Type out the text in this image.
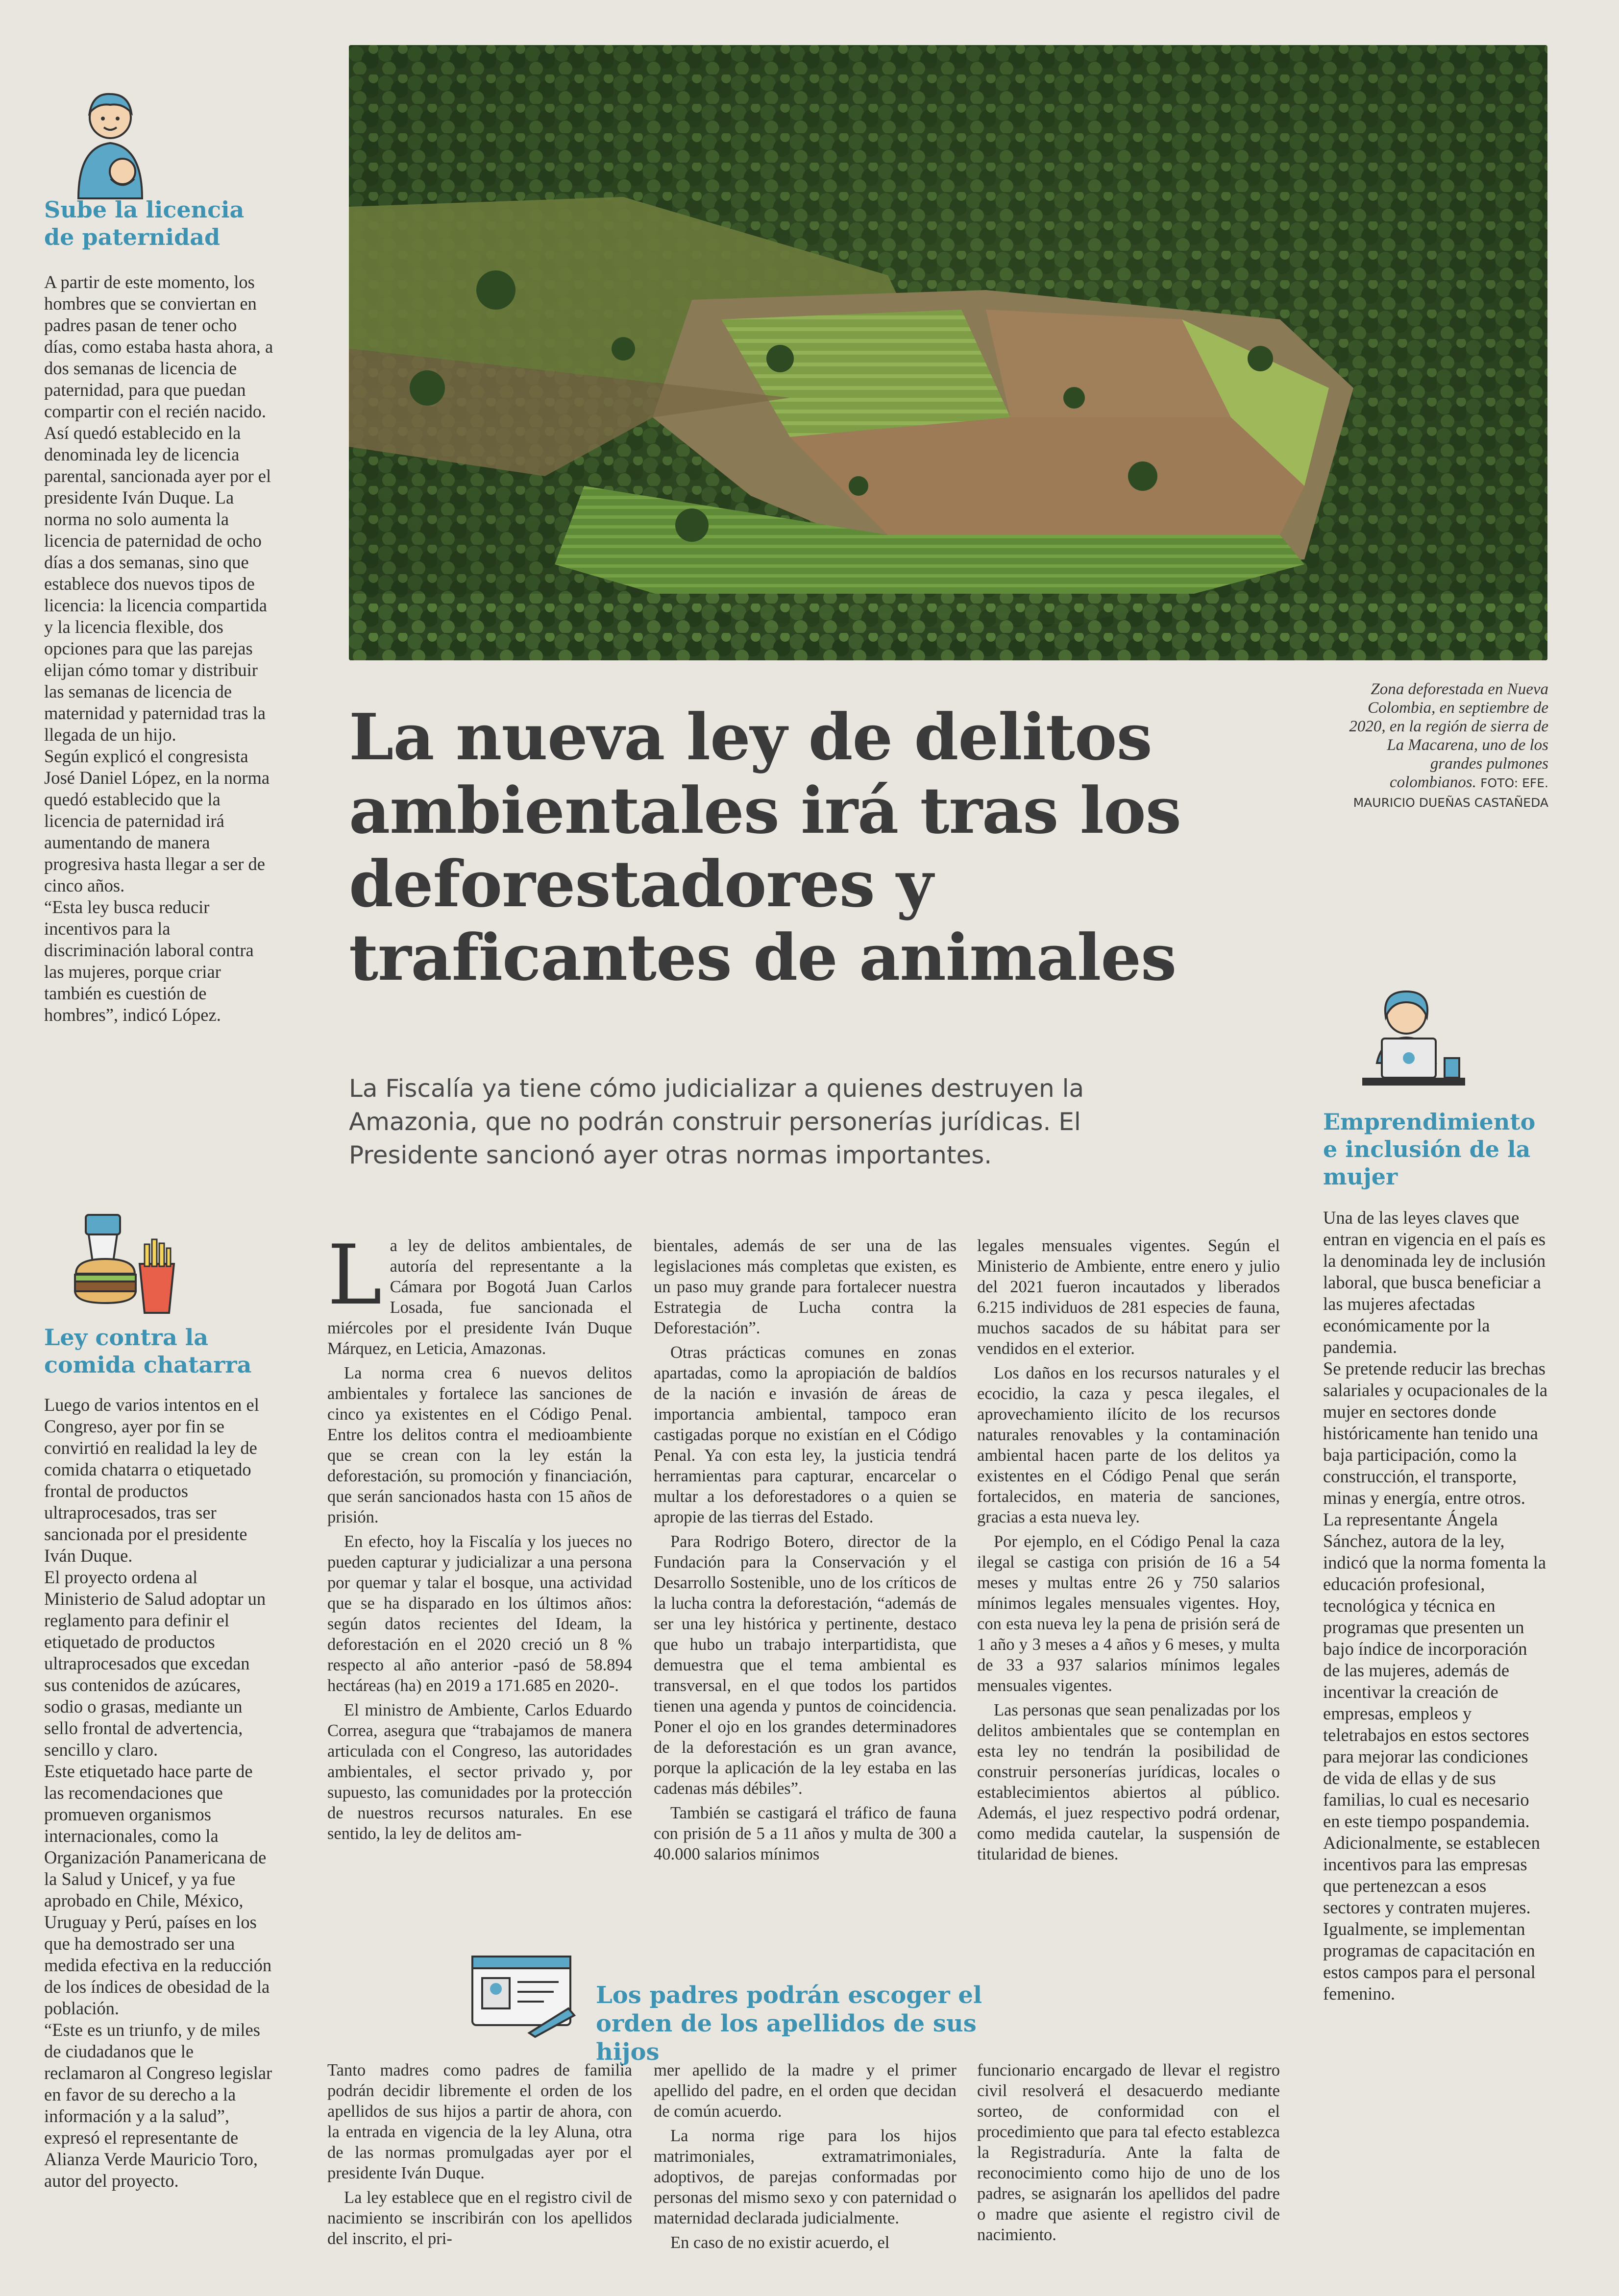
Zona deforestada en Nueva Colombia, en septiembre de 2020, en la región de sierra de La Macarena, uno de los grandes pulmones colombianos. FOTO: EFE. MAURICIO DUEÑAS CASTAÑEDA
La nueva ley de delitos ambientales irá tras los deforestadores y traficantes de animales

La Fiscalía ya tiene cómo judicializar a quienes destruyen la Amazonia, que no podrán construir personerías jurídicas. El Presidente sancionó ayer otras normas importantes.

Sube la licencia de paternidad

A partir de este momento, los hombres que se conviertan en padres pasan de tener ocho días, como estaba hasta ahora, a dos semanas de licencia de paternidad, para que puedan compartir con el recién nacido.

Así quedó establecido en la denominada ley de licencia parental, sancionada ayer por el presidente Iván Duque. La norma no solo aumenta la licencia de paternidad de ocho días a dos semanas, sino que establece dos nuevos tipos de licencia: la licencia compartida y la licencia flexible, dos opciones para que las parejas elijan cómo tomar y distribuir las semanas de licencia de maternidad y paternidad tras la llegada de un hijo.

Según explicó el congresista José Daniel López, en la norma quedó establecido que la licencia de paternidad irá aumentando de manera progresiva hasta llegar a ser de cinco años.

“Esta ley busca reducir incentivos para la discriminación laboral contra las mujeres, porque criar también es cuestión de hombres”, indicó López.

Ley contra la comida chatarra

Luego de varios intentos en el Congreso, ayer por fin se convirtió en realidad la ley de comida chatarra o etiquetado frontal de productos ultraprocesados, tras ser sancionada por el presidente Iván Duque.

El proyecto ordena al Ministerio de Salud adoptar un reglamento para definir el etiquetado de productos ultraprocesados que excedan sus contenidos de azúcares, sodio o grasas, mediante un sello frontal de advertencia, sencillo y claro.

Este etiquetado hace parte de las recomendaciones que promueven organismos internacionales, como la Organización Panamericana de la Salud y Unicef, y ya fue aprobado en Chile, México, Uruguay y Perú, países en los que ha demostrado ser una medida efectiva en la reducción de los índices de obesidad de la población.

“Este es un triunfo, y de miles de ciudadanos que le reclamaron al Congreso legislar en favor de su derecho a la información y a la salud”, expresó el representante de Alianza Verde Mauricio Toro, autor del proyecto.

Emprendimiento e inclusión de la mujer

Una de las leyes claves que entran en vigencia en el país es la denominada ley de inclusión laboral, que busca beneficiar a las mujeres afectadas económicamente por la pandemia.

Se pretende reducir las brechas salariales y ocupacionales de la mujer en sectores donde históricamente han tenido una baja participación, como la construcción, el transporte, minas y energía, entre otros.

La representante Ángela Sánchez, autora de la ley, indicó que la norma fomenta la educación profesional, tecnológica y técnica en programas que presenten un bajo índice de incorporación de las mujeres, además de incentivar la creación de empresas, empleos y teletrabajos en estos sectores para mejorar las condiciones de vida de ellas y de sus familias, lo cual es necesario en este tiempo pospandemia.

Adicionalmente, se establecen incentivos para las empresas que pertenezcan a esos sectores y contraten mujeres. Igualmente, se implementan programas de capacitación en estos campos para el personal femenino.

La ley de delitos ambientales, de autoría del representante a la Cámara por Bogotá Juan Carlos Losada, fue sancionada el miércoles por el presidente Iván Duque Márquez, en Leticia, Amazonas.

La norma crea 6 nuevos delitos ambientales y fortalece las sanciones de cinco ya existentes en el Código Penal. Entre los delitos contra el medioambiente que se crean con la ley están la deforestación, su promoción y financiación, que serán sancionados hasta con 15 años de prisión.

En efecto, hoy la Fiscalía y los jueces no pueden capturar y judicializar a una persona por quemar y talar el bosque, una actividad que se ha disparado en los últimos años: según datos recientes del Ideam, la deforestación en el 2020 creció un 8 % respecto al año anterior -pasó de 58.894 hectáreas (ha) en 2019 a 171.685 en 2020-.

El ministro de Ambiente, Carlos Eduardo Correa, asegura que “trabajamos de manera articulada con el Congreso, las autoridades ambientales, el sector privado y, por supuesto, las comunidades por la protección de nuestros recursos naturales. En ese sentido, la ley de delitos am-

bientales, además de ser una de las legislaciones más completas que existen, es un paso muy grande para fortalecer nuestra Estrategia de Lucha contra la Deforestación”.

Otras prácticas comunes en zonas apartadas, como la apropiación de baldíos de la nación e invasión de áreas de importancia ambiental, tampoco eran castigadas porque no existían en el Código Penal. Ya con esta ley, la justicia tendrá herramientas para capturar, encarcelar o multar a los deforestadores o a quien se apropie de las tierras del Estado.

Para Rodrigo Botero, director de la Fundación para la Conservación y el Desarrollo Sostenible, uno de los críticos de la lucha contra la deforestación, “además de ser una ley histórica y pertinente, destaco que hubo un trabajo interpartidista, que demuestra que el tema ambiental es transversal, en el que todos los partidos tienen una agenda y puntos de coincidencia. Poner el ojo en los grandes determinadores de la deforestación es un gran avance, porque la aplicación de la ley estaba en las cadenas más débiles”.

También se castigará el tráfico de fauna con prisión de 5 a 11 años y multa de 300 a 40.000 salarios mínimos

legales mensuales vigentes. Según el Ministerio de Ambiente, entre enero y julio del 2021 fueron incautados y liberados 6.215 individuos de 281 especies de fauna, muchos sacados de su hábitat para ser vendidos en el exterior.

Los daños en los recursos naturales y el ecocidio, la caza y pesca ilegales, el aprovechamiento ilícito de los recursos naturales renovables y la contaminación ambiental hacen parte de los delitos ya existentes en el Código Penal que serán fortalecidos, en materia de sanciones, gracias a esta nueva ley.

Por ejemplo, en el Código Penal la caza ilegal se castiga con prisión de 16 a 54 meses y multas entre 26 y 750 salarios mínimos legales mensuales vigentes. Hoy, con esta nueva ley la pena de prisión será de 1 año y 3 meses a 4 años y 6 meses, y multa de 33 a 937 salarios mínimos legales mensuales vigentes.

Las personas que sean penalizadas por los delitos ambientales que se contemplan en esta ley no tendrán la posibilidad de construir personerías jurídicas, locales o establecimientos abiertos al público. Además, el juez respectivo podrá ordenar, como medida cautelar, la suspensión de titularidad de bienes.

Los padres podrán escoger el orden de los apellidos de sus hijos

Tanto madres como padres de familia podrán decidir libremente el orden de los apellidos de sus hijos a partir de ahora, con la entrada en vigencia de la ley Aluna, otra de las normas promulgadas ayer por el presidente Iván Duque.

La ley establece que en el registro civil de nacimiento se inscribirán con los apellidos del inscrito, el pri-

mer apellido de la madre y el primer apellido del padre, en el orden que decidan de común acuerdo.

La norma rige para los hijos matrimoniales, extramatrimoniales, adoptivos, de parejas conformadas por personas del mismo sexo y con paternidad o maternidad declarada judicialmente.

En caso de no existir acuerdo, el

funcionario encargado de llevar el registro civil resolverá el desacuerdo mediante sorteo, de conformidad con el procedimiento que para tal efecto establezca la Registraduría. Ante la falta de reconocimiento como hijo de uno de los padres, se asignarán los apellidos del padre o madre que asiente el registro civil de nacimiento.
